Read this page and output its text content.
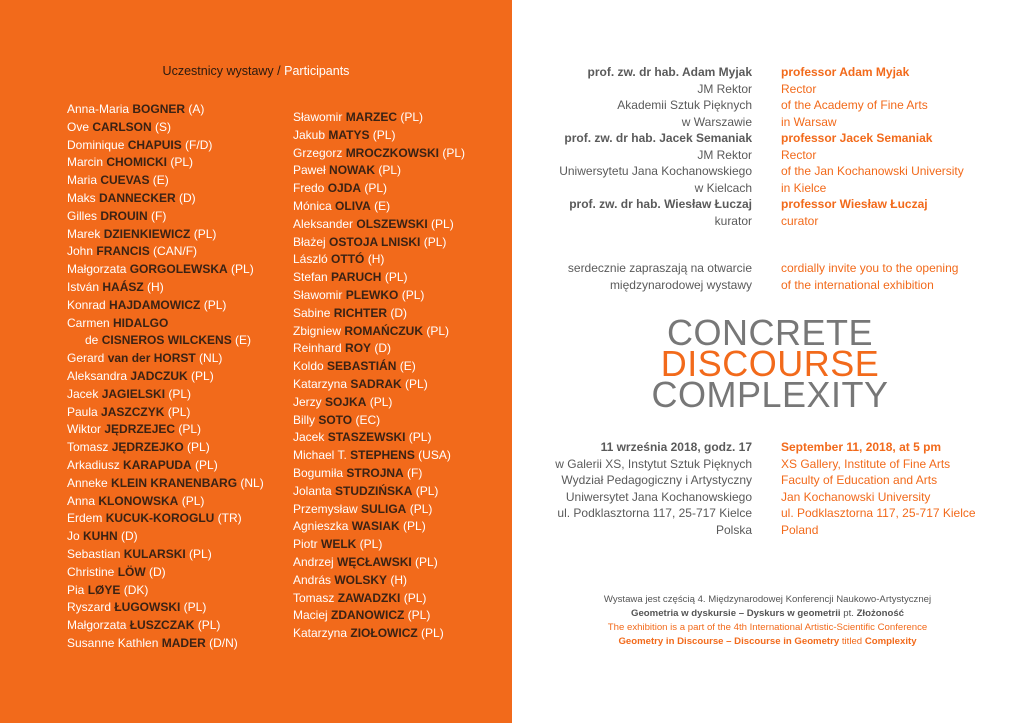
Uczestnicy wystawy / Participants
Anna-Maria BOGNER (A)
Ove CARLSON (S)
Dominique CHAPUIS (F/D)
Marcin CHOMICKI (PL)
Maria CUEVAS (E)
Maks DANNECKER (D)
Gilles DROUIN (F)
Marek DZIENKIEWICZ (PL)
John FRANCIS (CAN/F)
Małgorzata GORGOLEWSKA (PL)
István HAÁSZ (H)
Konrad HAJDAMOWICZ (PL)
Carmen HIDALGO
de CISNEROS WILCKENS (E)
Gerard van der HORST (NL)
Aleksandra JADCZUK (PL)
Jacek JAGIELSKI (PL)
Paula JASZCZYK (PL)
Wiktor JĘDRZEJEC (PL)
Tomasz JĘDRZEJKO (PL)
Arkadiusz KARAPUDA (PL)
Anneke KLEIN KRANENBARG (NL)
Anna KLONOWSKA (PL)
Erdem KUCUK-KOROGLU (TR)
Jo KUHN (D)
Sebastian KULARSKI (PL)
Christine LÖW (D)
Pia LØYE (DK)
Ryszard ŁUGOWSKI (PL)
Małgorzata ŁUSZCZAK (PL)
Susanne Kathlen MADER (D/N)
Sławomir MARZEC (PL)
Jakub MATYS (PL)
Grzegorz MROCZKOWSKI (PL)
Paweł NOWAK (PL)
Fredo OJDA (PL)
Mónica OLIVA (E)
Aleksander OLSZEWSKI (PL)
Błażej OSTOJA LNISKI (PL)
László OTTÓ (H)
Stefan PARUCH (PL)
Sławomir PLEWKO (PL)
Sabine RICHTER (D)
Zbigniew ROMAŃCZUK (PL)
Reinhard ROY (D)
Koldo SEBASTIÁN (E)
Katarzyna SADRAK (PL)
Jerzy SOJKA (PL)
Billy SOTO (EC)
Jacek STASZEWSKI (PL)
Michael T. STEPHENS (USA)
Bogumiła STROJNA (F)
Jolanta STUDZIŃSKA (PL)
Przemysław SULIGA (PL)
Agnieszka WASIAK (PL)
Piotr WELK (PL)
Andrzej WĘCŁAWSKI (PL)
András WOLSKY (H)
Tomasz ZAWADZKI (PL)
Maciej ZDANOWICZ (PL)
Katarzyna ZIOŁOWICZ (PL)
prof. zw. dr hab. Adam Myjak
JM Rektor
Akademii Sztuk Pięknych
w Warszawie
prof. zw. dr hab. Jacek Semaniak
JM Rektor
Uniwersytetu Jana Kochanowskiego
w Kielcach
prof. zw. dr hab. Wiesław Łuczaj
kurator
professor Adam Myjak
Rector
of the Academy of Fine Arts
in Warsaw
professor Jacek Semaniak
Rector
of the Jan Kochanowski University
in Kielce
professor Wiesław Łuczaj
curator
serdecznie zapraszają na otwarcie
międzynarodowej wystawy
cordially invite you to the opening
of the international exhibition
CONCRETE
DISCOURSE
COMPLEXITY
11 września 2018, godz. 17
w Galerii XS, Instytut Sztuk Pięknych
Wydział Pedagogiczny i Artystyczny
Uniwersytet Jana Kochanowskiego
ul. Podklasztorna 117, 25-717 Kielce
Polska
September 11, 2018, at 5 pm
XS Gallery, Institute of Fine Arts
Faculty of Education and Arts
Jan Kochanowski University
ul. Podklasztorna 117, 25-717 Kielce
Poland
Wystawa jest częścią 4. Międzynarodowej Konferencji Naukowo-Artystycznej
Geometria w dyskursie – Dyskurs w geometrii pt. Złożoność
The exhibition is a part of the 4th International Artistic-Scientific Conference
Geometry in Discourse – Discourse in Geometry titled Complexity
